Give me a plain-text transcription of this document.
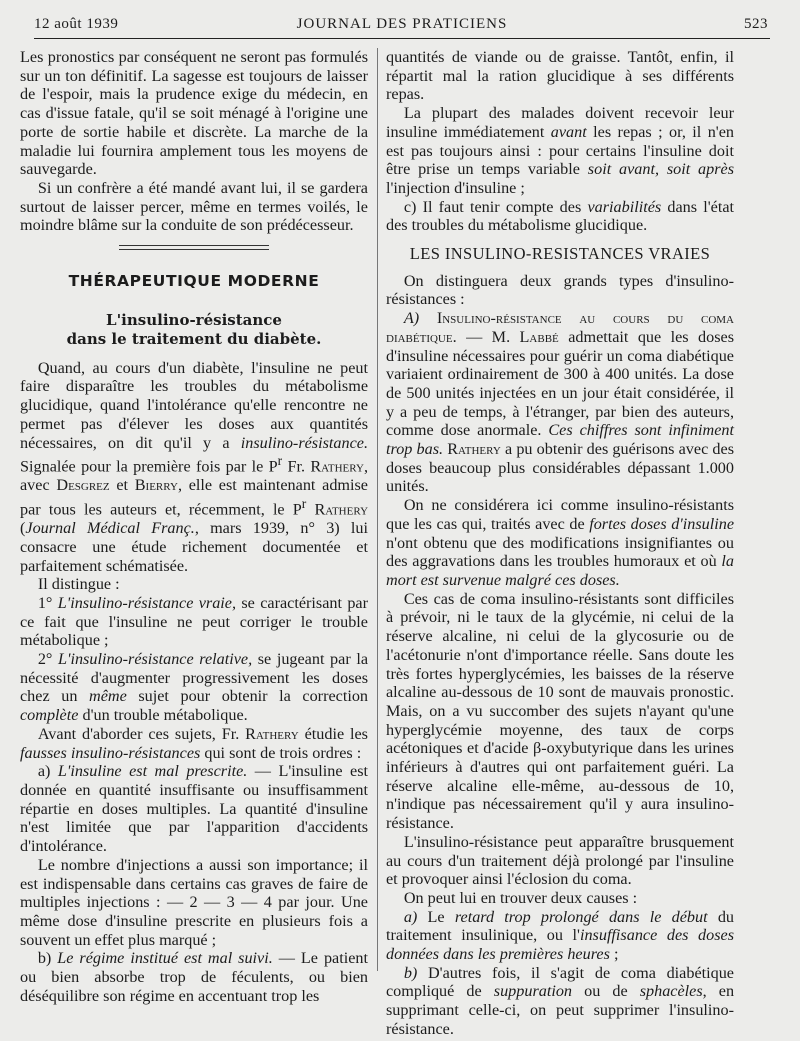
12 août 1939	JOURNAL DES PRATICIENS	523

Les pronostics par conséquent ne seront pas formulés sur un ton définitif. La sagesse est toujours de laisser de l'espoir, mais la prudence exige du médecin, en cas d'issue fatale, qu'il se soit ménagé à l'origine une porte de sortie habile et discrète. La marche de la maladie lui fournira amplement tous les moyens de sauvegarde.

Si un confrère a été mandé avant lui, il se gardera surtout de laisser percer, même en termes voilés, le moindre blâme sur la conduite de son prédécesseur.

THÉRAPEUTIQUE MODERNE
L'insulino-résistance
dans le traitement du diabète.

Quand, au cours d'un diabète, l'insuline ne peut faire disparaître les troubles du métabolisme glucidique, quand l'intolérance qu'elle rencontre ne permet pas d'élever les doses aux quantités nécessaires, on dit qu'il y a insulino-résistance. Signalée pour la première fois par le $P^r$ Fr. Rathery, avec Desgrez et Bierry, elle est maintenant admise par tous les auteurs et, récemment, le $P^r$ Rathery (Journal Médical Franç., mars 1939, n° 3) lui consacre une étude richement documentée et parfaitement schématisée.

Il distingue :

1° L'insulino-résistance vraie, se caractérisant par ce fait que l'insuline ne peut corriger le trouble métabolique ;

2° L'insulino-résistance relative, se jugeant par la nécessité d'augmenter progressivement les doses chez un même sujet pour obtenir la correction complète d'un trouble métabolique.

Avant d'aborder ces sujets, Fr. Rathery étudie les fausses insulino-résistances qui sont de trois ordres :

a) L'insuline est mal prescrite. — L'insuline est donnée en quantité insuffisante ou insuffisamment répartie en doses multiples. La quantité d'insuline n'est limitée que par l'apparition d'accidents d'intolérance.

Le nombre d'injections a aussi son importance; il est indispensable dans certains cas graves de faire de multiples injections : — 2 — 3 — 4 par jour. Une même dose d'insuline prescrite en plusieurs fois a souvent un effet plus marqué ;

b) Le régime institué est mal suivi. — Le patient ou bien absorbe trop de féculents, ou bien déséquilibre son régime en accentuant trop les

quantités de viande ou de graisse. Tantôt, enfin, il répartit mal la ration glucidique à ses différents repas.

La plupart des malades doivent recevoir leur insuline immédiatement avant les repas ; or, il n'en est pas toujours ainsi : pour certains l'insuline doit être prise un temps variable soit avant, soit après l'injection d'insuline ;

c) Il faut tenir compte des variabilités dans l'état des troubles du métabolisme glucidique.

LES INSULINO-RESISTANCES VRAIES

On distinguera deux grands types d'insulino-résistances :

A) Insulino-résistance au cours du coma diabétique. — M. Labbé admettait que les doses d'insuline nécessaires pour guérir un coma diabétique variaient ordinairement de 300 à 400 unités. La dose de 500 unités injectées en un jour était considérée, il y a peu de temps, à l'étranger, par bien des auteurs, comme dose anormale. Ces chiffres sont infiniment trop bas. Rathery a pu obtenir des guérisons avec des doses beaucoup plus considérables dépassant 1.000 unités.

On ne considérera ici comme insulino-résistants que les cas qui, traités avec de fortes doses d'insuline n'ont obtenu que des modifications insignifiantes ou des aggravations dans les troubles humoraux et où la mort est survenue malgré ces doses.

Ces cas de coma insulino-résistants sont difficiles à prévoir, ni le taux de la glycémie, ni celui de la réserve alcaline, ni celui de la glycosurie ou de l'acétonurie n'ont d'importance réelle. Sans doute les très fortes hyperglycémies, les baisses de la réserve alcaline au-dessous de 10 sont de mauvais pronostic. Mais, on a vu succomber des sujets n'ayant qu'une hyperglycémie moyenne, des taux de corps acétoniques et d'acide β-oxybutyrique dans les urines inférieurs à d'autres qui ont parfaitement guéri. La réserve alcaline elle-même, au-dessous de 10, n'indique pas nécessairement qu'il y aura insulino-résistance.

L'insulino-résistance peut apparaître brusquement au cours d'un traitement déjà prolongé par l'insuline et provoquer ainsi l'éclosion du coma.

On peut lui en trouver deux causes :

a) Le retard trop prolongé dans le début du traitement insulinique, ou l'insuffisance des doses données dans les premières heures ;

b) D'autres fois, il s'agit de coma diabétique compliqué de suppuration ou de sphacèles, en supprimant celle-ci, on peut supprimer l'insulino-résistance.
